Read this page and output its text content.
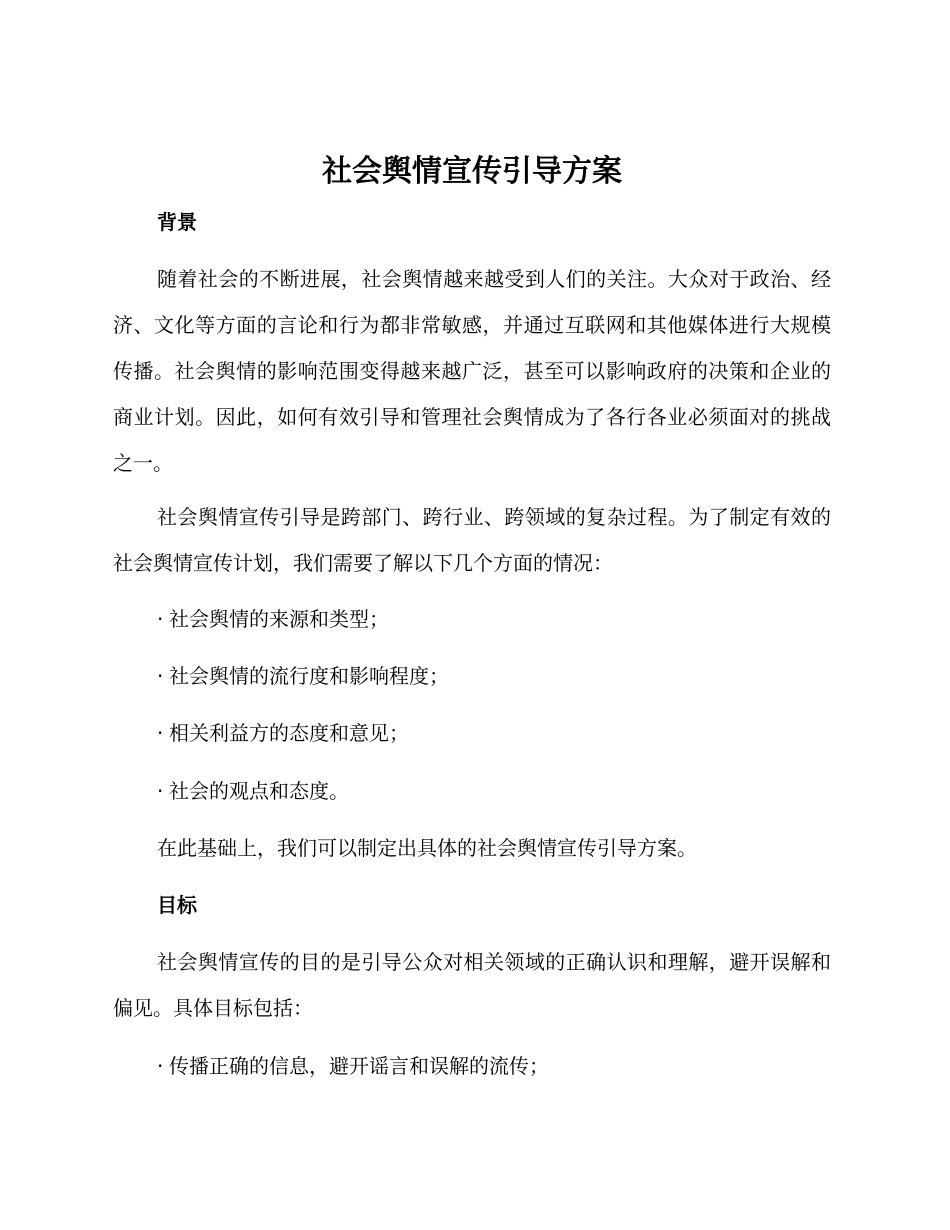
社会舆情宣传引导方案
背景

随着社会的不断进展，社会舆情越来越受到人们的关注。大众对于政治、经济、文化等方面的言论和行为都非常敏感，并通过互联网和其他媒体进行大规模传播。社会舆情的影响范围变得越来越广泛，甚至可以影响政府的决策和企业的商业计划。因此，如何有效引导和管理社会舆情成为了各行各业必须面对的挑战之一。

社会舆情宣传引导是跨部门、跨行业、跨领域的复杂过程。为了制定有效的社会舆情宣传计划，我们需要了解以下几个方面的情况：

· 社会舆情的来源和类型；
· 社会舆情的流行度和影响程度；
· 相关利益方的态度和意见；
· 社会的观点和态度。
在此基础上，我们可以制定出具体的社会舆情宣传引导方案。
目标

社会舆情宣传的目的是引导公众对相关领域的正确认识和理解，避开误解和偏见。具体目标包括：

· 传播正确的信息，避开谣言和误解的流传；
